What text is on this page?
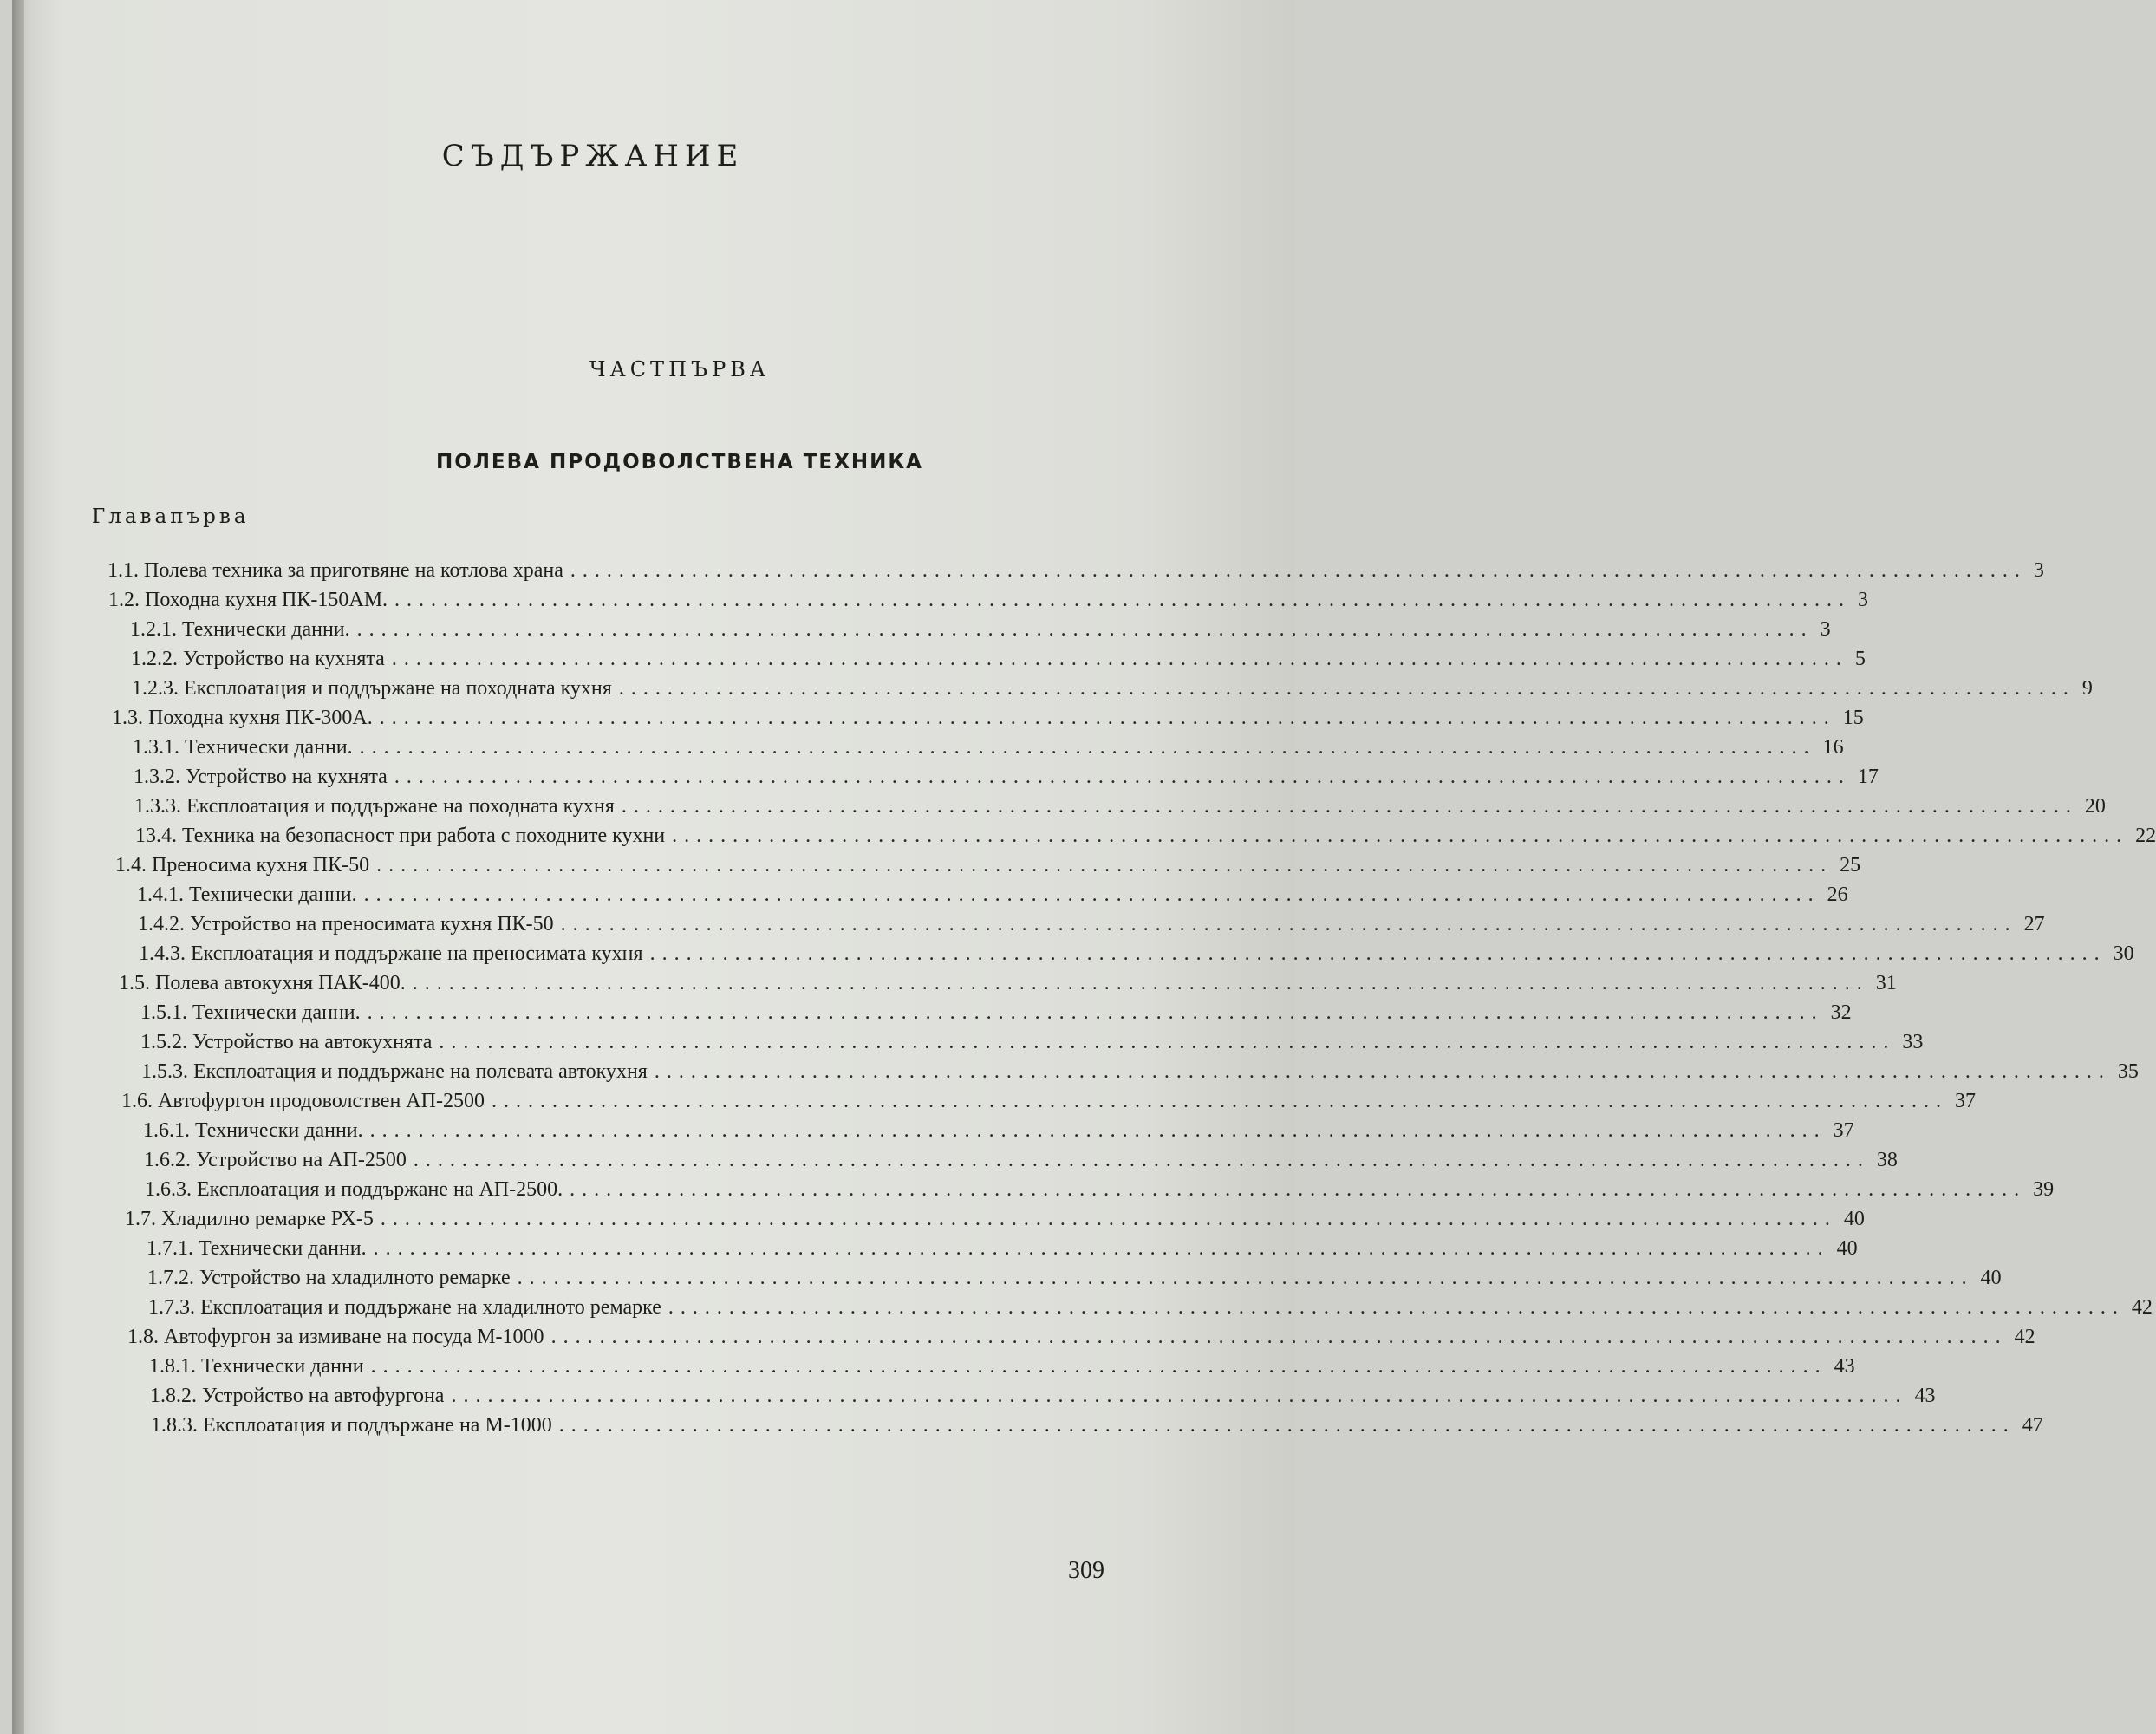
СЪДЪРЖАНИЕ
ЧАСТПЪРВА
ПОЛЕВА ПРОДОВОЛСТВЕНА ТЕХНИКА
Главапърва
1.1. Полева техника за приготвяне на котлова храна ........................................................................................................................ 3
1.2. Походна кухня ПК-150АМ. ........................................................................................................................ 3
1.2.1. Технически данни. ........................................................................................................................ 3
1.2.2. Устройство на кухнята ........................................................................................................................ 5
1.2.3. Експлоатация и поддържане на походната кухня ........................................................................................................................ 9
1.3. Походна кухня ПК-300А. ........................................................................................................................ 15
1.3.1. Технически данни. ........................................................................................................................ 16
1.3.2. Устройство на кухнята ........................................................................................................................ 17
1.3.3. Експлоатация и поддържане на походната кухня ........................................................................................................................ 20
13.4. Техника на безопасност при работа с походните кухни ........................................................................................................................ 22
1.4. Преносима кухня ПК-50 ........................................................................................................................ 25
1.4.1. Технически данни. ........................................................................................................................ 26
1.4.2. Устройство на преносимата кухня ПК-50 ........................................................................................................................ 27
1.4.3. Експлоатация и поддържане на преносимата кухня ........................................................................................................................ 30
1.5. Полева автокухня ПАК-400. ........................................................................................................................ 31
1.5.1. Технически данни. ........................................................................................................................ 32
1.5.2. Устройство на автокухнята ........................................................................................................................ 33
1.5.3. Експлоатация и поддържане на полевата автокухня ........................................................................................................................ 35
1.6. Автофургон продоволствен АП-2500 ........................................................................................................................ 37
1.6.1. Технически данни. ........................................................................................................................ 37
1.6.2. Устройство на АП-2500 ........................................................................................................................ 38
1.6.3. Експлоатация и поддържане на АП-2500. ........................................................................................................................ 39
1.7. Хладилно ремарке РХ-5 ........................................................................................................................ 40
1.7.1. Технически данни. ........................................................................................................................ 40
1.7.2. Устройство на хладилното ремарке ........................................................................................................................ 40
1.7.3. Експлоатация и поддържане на хладилното ремарке ........................................................................................................................ 42
1.8. Автофургон за измиване на посуда М-1000 ........................................................................................................................ 42
1.8.1. Технически данни ........................................................................................................................ 43
1.8.2. Устройство на автофургона ........................................................................................................................ 43
1.8.3. Експлоатация и поддържане на М-1000 ........................................................................................................................ 47
309
